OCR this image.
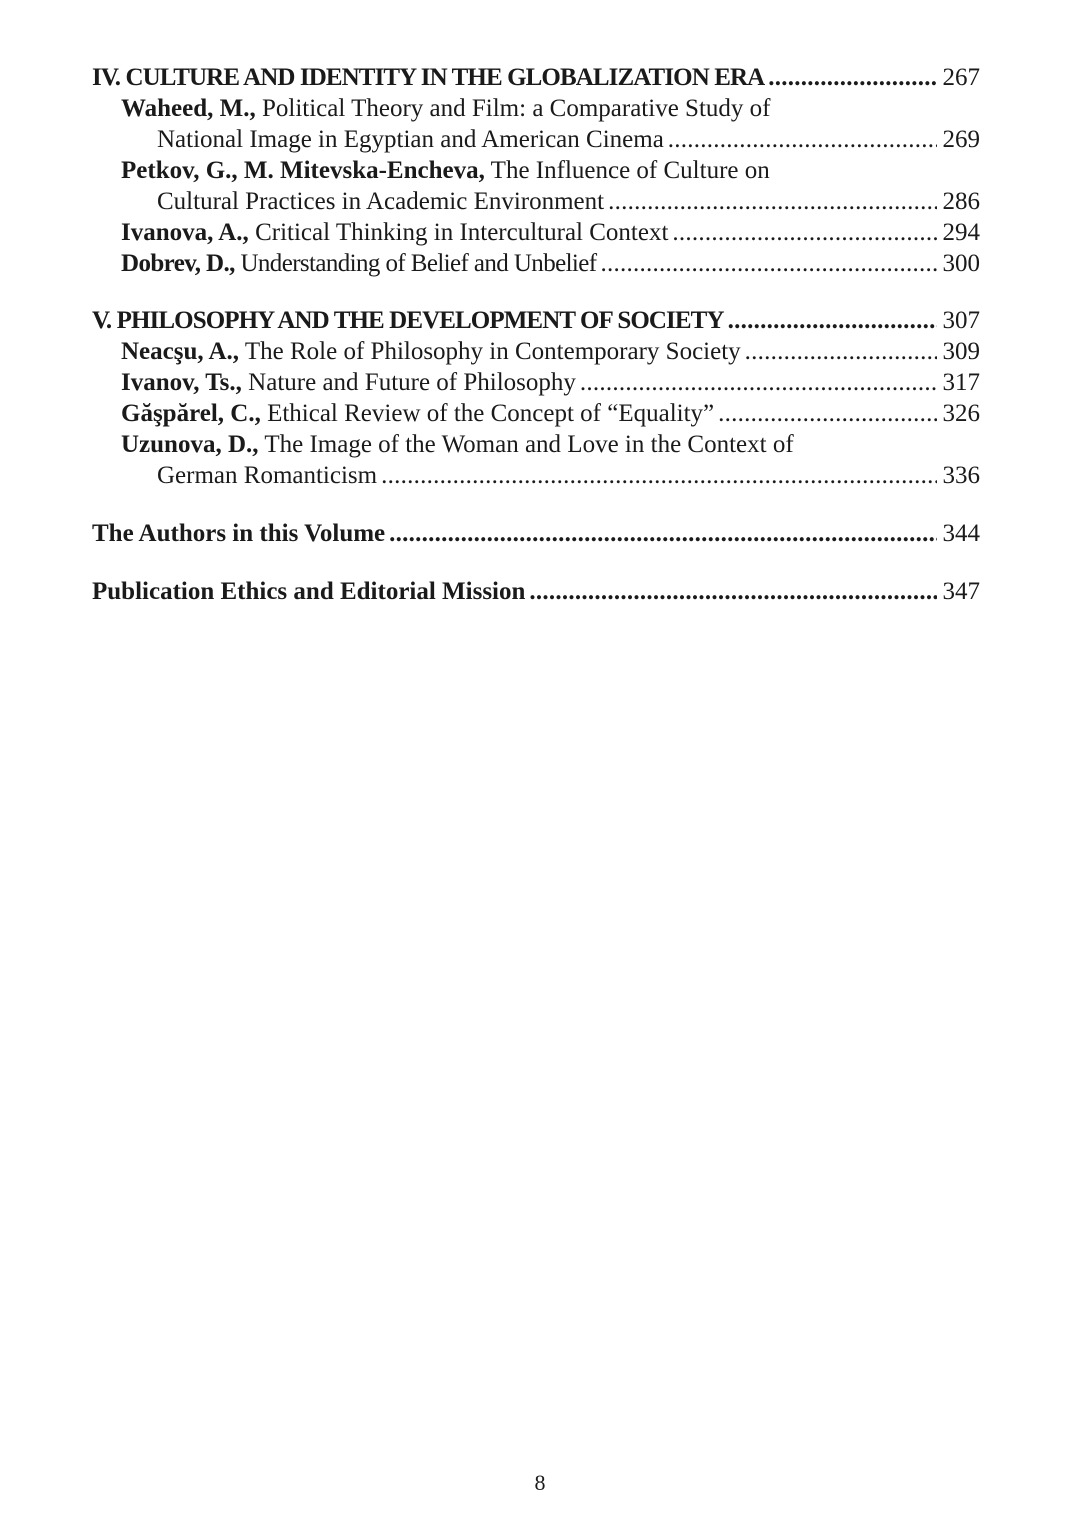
IV. CULTURE AND IDENTITY IN THE GLOBALIZATION ERA . . .	267
Waheed, M., Political Theory and Film: a Comparative Study of
National Image in Egyptian and American Cinema . . .	269
Petkov, G., M. Mitevska-Encheva, The Influence of Culture on
Cultural Practices in Academic Environment . . .	286
Ivanova, A., Critical Thinking in Intercultural Context . . .	294
Dobrev, D., Understanding of Belief and Unbelief . . .	300
V. PHILOSOPHY AND THE DEVELOPMENT OF SOCIETY . . .	307
Neacşu, A., The Role of Philosophy in Contemporary Society . . .	309
Ivanov, Ts., Nature and Future of Philosophy . . .	317
Găşpărel, C., Ethical Review of the Concept of “Equality” . . .	326
Uzunova, D., The Image of the Woman and Love in the Context of
German Romanticism . . .	336
The Authors in this Volume . . .	344
Publication Ethics and Editorial Mission . . .	347
8
